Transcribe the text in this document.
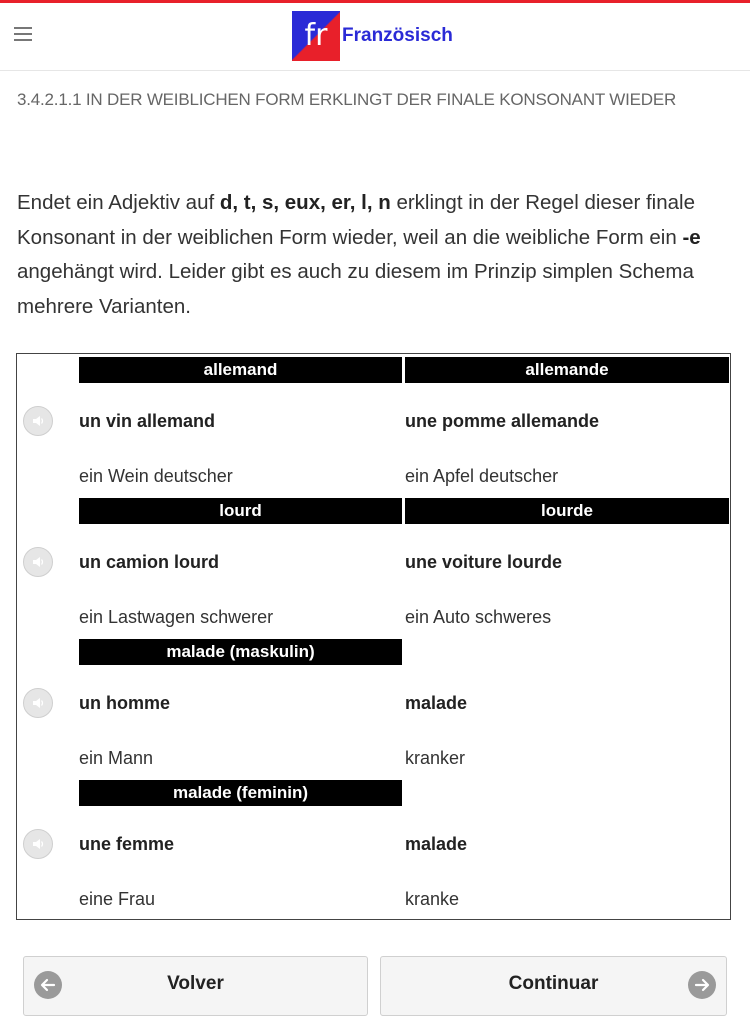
fr Französisch
3.4.2.1.1 IN DER WEIBLICHEN FORM ERKLINGT DER FINALE KONSONANT WIEDER
Endet ein Adjektiv auf d, t, s, eux, er, l, n erklingt in der Regel dieser finale Konsonant in der weiblichen Form wieder, weil an die weibliche Form ein -e angehängt wird. Leider gibt es auch zu diesem im Prinzip simplen Schema mehrere Varianten.
allemand	allemande
un vin allemand	une pomme allemande
ein Wein deutscher	ein Apfel deutscher
lourd	lourde
un camion lourd	une voiture lourde
ein Lastwagen schwerer	ein Auto schweres
malade (maskulin)
un homme	malade
ein Mann	kranker
malade (feminin)
une femme	malade
eine Frau	kranke
Volver	Continuar
